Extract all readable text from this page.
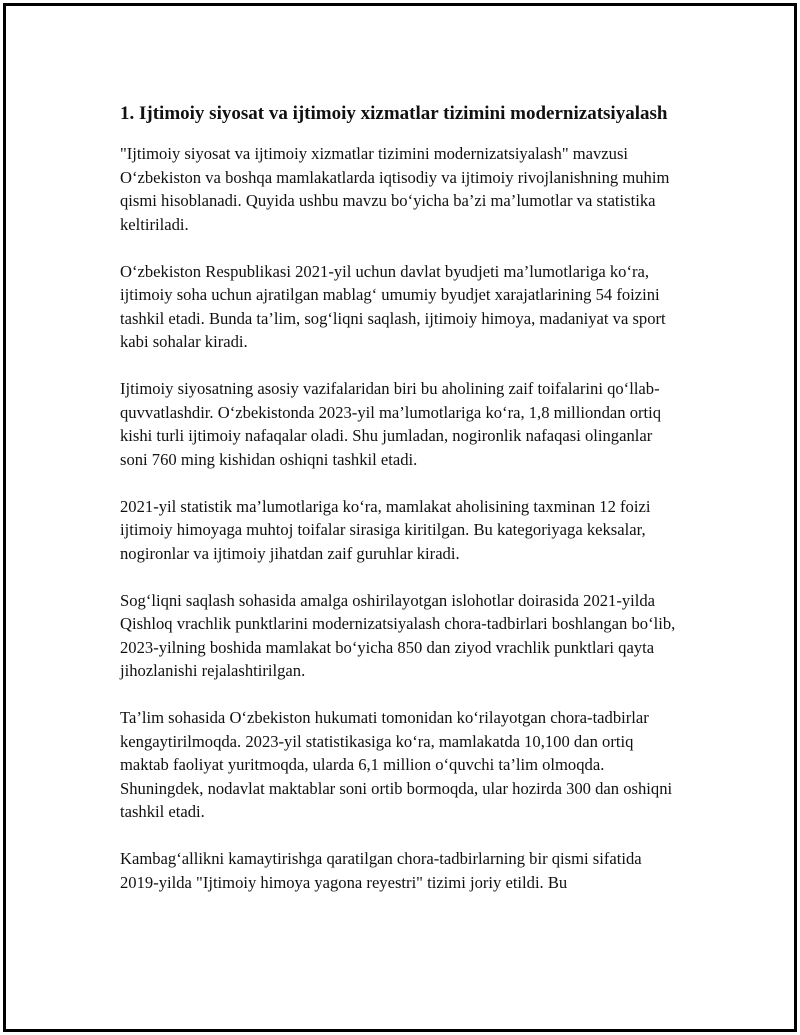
1. Ijtimoiy siyosat va ijtimoiy xizmatlar tizimini modernizatsiyalash

"Ijtimoiy siyosat va ijtimoiy xizmatlar tizimini modernizatsiyalash" mavzusi O‘zbekiston va boshqa mamlakatlarda iqtisodiy va ijtimoiy rivojlanishning muhim qismi hisoblanadi. Quyida ushbu mavzu bo‘yicha ba’zi ma’lumotlar va statistika keltiriladi.

O‘zbekiston Respublikasi 2021-yil uchun davlat byudjeti ma’lumotlariga ko‘ra, ijtimoiy soha uchun ajratilgan mablag‘ umumiy byudjet xarajatlarining 54 foizini tashkil etadi. Bunda ta’lim, sog‘liqni saqlash, ijtimoiy himoya, madaniyat va sport kabi sohalar kiradi.

Ijtimoiy siyosatning asosiy vazifalaridan biri bu aholining zaif toifalarini qo‘llab-quvvatlashdir. O‘zbekistonda 2023-yil ma’lumotlariga ko‘ra, 1,8 milliondan ortiq kishi turli ijtimoiy nafaqalar oladi. Shu jumladan, nogironlik nafaqasi olinganlar soni 760 ming kishidan oshiqni tashkil etadi.

2021-yil statistik ma’lumotlariga ko‘ra, mamlakat aholisining taxminan 12 foizi ijtimoiy himoyaga muhtoj toifalar sirasiga kiritilgan. Bu kategoriyaga keksalar, nogironlar va ijtimoiy jihatdan zaif guruhlar kiradi.

Sog‘liqni saqlash sohasida amalga oshirilayotgan islohotlar doirasida 2021-yilda Qishloq vrachlik punktlarini modernizatsiyalash chora-tadbirlari boshlangan bo‘lib, 2023-yilning boshida mamlakat bo‘yicha 850 dan ziyod vrachlik punktlari qayta jihozlanishi rejalashtirilgan.

Ta’lim sohasida O‘zbekiston hukumati tomonidan ko‘rilayotgan chora-tadbirlar kengaytirilmoqda. 2023-yil statistikasiga ko‘ra, mamlakatda 10,100 dan ortiq maktab faoliyat yuritmoqda, ularda 6,1 million o‘quvchi ta’lim olmoqda. Shuningdek, nodavlat maktablar soni ortib bormoqda, ular hozirda 300 dan oshiqni tashkil etadi.

Kambag‘allikni kamaytirishga qaratilgan chora-tadbirlarning bir qismi sifatida 2019-yilda "Ijtimoiy himoya yagona reyestri" tizimi joriy etildi. Bu
